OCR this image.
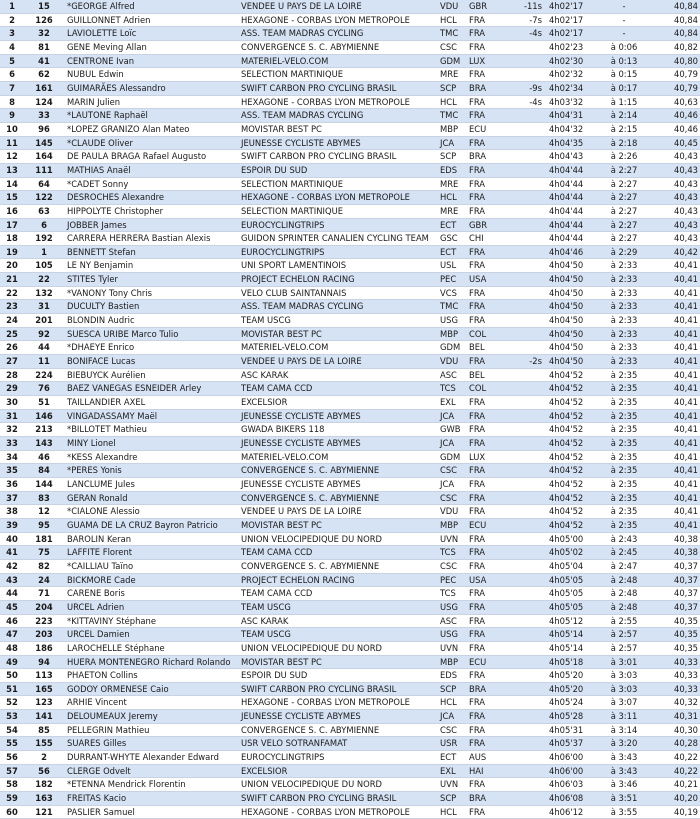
1	15	*GEORGE Alfred	VENDEE U PAYS DE LA LOIRE	VDU	GBR	-11s	4h02'17	-	40,84
2	126	GUILLONNET Adrien	HEXAGONE - CORBAS LYON METROPOLE	HCL	FRA	-7s	4h02'17	-	40,84
3	32	LAVIOLETTE Loïc	ASS. TEAM MADRAS CYCLING	TMC	FRA	-4s	4h02'17	-	40,84
4	81	GENE Meving Allan	CONVERGENCE S. C. ABYMIENNE	CSC	FRA		4h02'23	à 0:06	40,82
5	41	CENTRONE Ivan	MATERIEL-VELO.COM	GDM	LUX		4h02'30	à 0:13	40,80
6	62	NUBUL Edwin	SELECTION MARTINIQUE	MRE	FRA		4h02'32	à 0:15	40,79
7	161	GUIMARÃES Alessandro	SWIFT CARBON PRO CYCLING BRASIL	SCP	BRA	-9s	4h02'34	à 0:17	40,79
8	124	MARIN Julien	HEXAGONE - CORBAS LYON METROPOLE	HCL	FRA	-4s	4h03'32	à 1:15	40,63
9	33	*LAUTONE Raphaël	ASS. TEAM MADRAS CYCLING	TMC	FRA		4h04'31	à 2:14	40,46
10	96	*LOPEZ GRANIZO Alan Mateo	MOVISTAR BEST PC	MBP	ECU		4h04'32	à 2:15	40,46
11	145	*CLAUDE Oliver	JEUNESSE CYCLISTE ABYMES	JCA	FRA		4h04'35	à 2:18	40,45
12	164	DE PAULA BRAGA Rafael Augusto	SWIFT CARBON PRO CYCLING BRASIL	SCP	BRA		4h04'43	à 2:26	40,43
13	111	MATHIAS Anaël	ESPOIR DU SUD	EDS	FRA		4h04'44	à 2:27	40,43
14	64	*CADET Sonny	SELECTION MARTINIQUE	MRE	FRA		4h04'44	à 2:27	40,43
15	122	DESROCHES Alexandre	HEXAGONE - CORBAS LYON METROPOLE	HCL	FRA		4h04'44	à 2:27	40,43
16	63	HIPPOLYTE Christopher	SELECTION MARTINIQUE	MRE	FRA		4h04'44	à 2:27	40,43
17	6	JOBBER James	EUROCYCLINGTRIPS	ECT	GBR		4h04'44	à 2:27	40,43
18	192	CARRERA HERRERA Bastian Alexis	GUIDON SPRINTER CANALIEN CYCLING TEAM	GSC	CHI		4h04'44	à 2:27	40,43
19	1	BENNETT Stefan	EUROCYCLINGTRIPS	ECT	FRA		4h04'46	à 2:29	40,42
20	105	LE NY Benjamin	UNI SPORT LAMENTINOIS	USL	FRA		4h04'50	à 2:33	40,41
21	22	STITES Tyler	PROJECT ECHELON RACING	PEC	USA		4h04'50	à 2:33	40,41
22	132	*VANONY Tony Chris	VELO CLUB SAINTANNAIS	VCS	FRA		4h04'50	à 2:33	40,41
23	31	DUCULTY Bastien	ASS. TEAM MADRAS CYCLING	TMC	FRA		4h04'50	à 2:33	40,41
24	201	BLONDIN Audric	TEAM USCG	USG	FRA		4h04'50	à 2:33	40,41
25	92	SUESCA URIBE Marco Tulio	MOVISTAR BEST PC	MBP	COL		4h04'50	à 2:33	40,41
26	44	*DHAEYE Enrico	MATERIEL-VELO.COM	GDM	BEL		4h04'50	à 2:33	40,41
27	11	BONIFACE Lucas	VENDEE U PAYS DE LA LOIRE	VDU	FRA	-2s	4h04'50	à 2:33	40,41
28	224	BIEBUYCK Aurélien	ASC KARAK	ASC	BEL		4h04'52	à 2:35	40,41
29	76	BAEZ VANEGAS ESNEIDER Arley	TEAM CAMA CCD	TCS	COL		4h04'52	à 2:35	40,41
30	51	TAILLANDIER AXEL	EXCELSIOR	EXL	FRA		4h04'52	à 2:35	40,41
31	146	VINGADASSAMY Maël	JEUNESSE CYCLISTE ABYMES	JCA	FRA		4h04'52	à 2:35	40,41
32	213	*BILLOTET Mathieu	GWADA BIKERS 118	GWB	FRA		4h04'52	à 2:35	40,41
33	143	MINY Lionel	JEUNESSE CYCLISTE ABYMES	JCA	FRA		4h04'52	à 2:35	40,41
34	46	*KESS Alexandre	MATERIEL-VELO.COM	GDM	LUX		4h04'52	à 2:35	40,41
35	84	*PERES Yonis	CONVERGENCE S. C. ABYMIENNE	CSC	FRA		4h04'52	à 2:35	40,41
36	144	LANCLUME Jules	JEUNESSE CYCLISTE ABYMES	JCA	FRA		4h04'52	à 2:35	40,41
37	83	GERAN Ronald	CONVERGENCE S. C. ABYMIENNE	CSC	FRA		4h04'52	à 2:35	40,41
38	12	*CIALONE Alessio	VENDEE U PAYS DE LA LOIRE	VDU	FRA		4h04'52	à 2:35	40,41
39	95	GUAMA DE LA CRUZ Bayron Patricio	MOVISTAR BEST PC	MBP	ECU		4h04'52	à 2:35	40,41
40	181	BAROLIN Keran	UNION VELOCIPEDIQUE DU NORD	UVN	FRA		4h05'00	à 2:43	40,38
41	75	LAFFITE Florent	TEAM CAMA CCD	TCS	FRA		4h05'02	à 2:45	40,38
42	82	*CAILLIAU Taïno	CONVERGENCE S. C. ABYMIENNE	CSC	FRA		4h05'04	à 2:47	40,37
43	24	BICKMORE Cade	PROJECT ECHELON RACING	PEC	USA		4h05'05	à 2:48	40,37
44	71	CARENE Boris	TEAM CAMA CCD	TCS	FRA		4h05'05	à 2:48	40,37
45	204	URCEL Adrien	TEAM USCG	USG	FRA		4h05'05	à 2:48	40,37
46	223	*KITTAVINY Stéphane	ASC KARAK	ASC	FRA		4h05'12	à 2:55	40,35
47	203	URCEL Damien	TEAM USCG	USG	FRA		4h05'14	à 2:57	40,35
48	186	LAROCHELLE Stéphane	UNION VELOCIPEDIQUE DU NORD	UVN	FRA		4h05'14	à 2:57	40,35
49	94	HUERA MONTENEGRO Richard Rolando	MOVISTAR BEST PC	MBP	ECU		4h05'18	à 3:01	40,33
50	113	PHAETON Collins	ESPOIR DU SUD	EDS	FRA		4h05'20	à 3:03	40,33
51	165	GODOY ORMENESE Caio	SWIFT CARBON PRO CYCLING BRASIL	SCP	BRA		4h05'20	à 3:03	40,33
52	123	ARHIE Vincent	HEXAGONE - CORBAS LYON METROPOLE	HCL	FRA		4h05'24	à 3:07	40,32
53	141	DELOUMEAUX Jeremy	JEUNESSE CYCLISTE ABYMES	JCA	FRA		4h05'28	à 3:11	40,31
54	85	PELLEGRIN Mathieu	CONVERGENCE S. C. ABYMIENNE	CSC	FRA		4h05'31	à 3:14	40,30
55	155	SUARES Gilles	USR VELO SOTRANFAMAT	USR	FRA		4h05'37	à 3:20	40,28
56	2	DURRANT-WHYTE Alexander Edward	EUROCYCLINGTRIPS	ECT	AUS		4h06'00	à 3:43	40,22
57	56	CLERGE Odvelt	EXCELSIOR	EXL	HAI		4h06'00	à 3:43	40,22
58	182	*ETENNA Mendrick Florentin	UNION VELOCIPEDIQUE DU NORD	UVN	FRA		4h06'03	à 3:46	40,21
59	163	FREITAS Kacio	SWIFT CARBON PRO CYCLING BRASIL	SCP	BRA		4h06'08	à 3:51	40,20
60	121	PASLIER Samuel	HEXAGONE - CORBAS LYON METROPOLE	HCL	FRA		4h06'12	à 3:55	40,19
